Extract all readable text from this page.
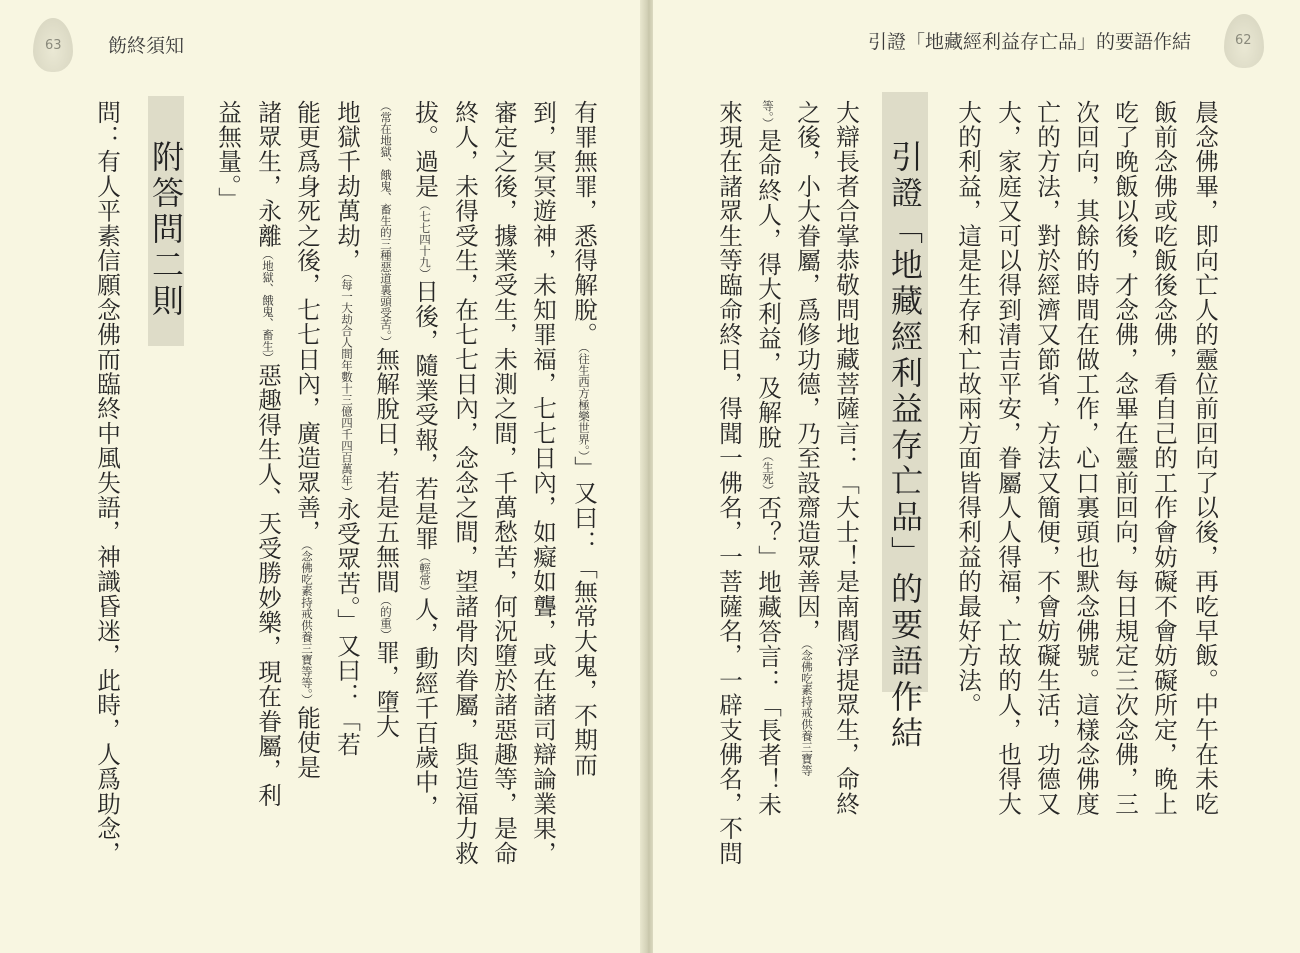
63 飭終須知
有罪無罪，悉得解脫。（往生西方極樂世界。）」又曰：「無常大鬼，不期而
到，冥冥遊神，未知罪福，七七日內，如癡如聾，或在諸司辯論業果，
審定之後，據業受生，未測之間，千萬愁苦，何況墮於諸惡趣等，是命
終人，未得受生，在七七日內，念念之間，望諸骨肉眷屬，與造福力救
拔。過是（七七四十九）日後，隨業受報，若是罪（輕常）人，動經千百歲中，
（常在地獄、餓鬼、畜生的三種惡道裏頭受苦。）無解脫日，若是五無間（的重）罪，墮大
地獄千劫萬劫，（每一大劫合人間年數十三億四千四百萬年）永受眾苦。」又曰：「若
能更爲身死之後，七七日內，廣造眾善，（念佛吃素持戒供養三寶等等。）能使是
諸眾生，永離（地獄、餓鬼、畜生）惡趣得生人、天受勝妙樂，現在眷屬，利
益無量。」
附答問二則
問：有人平素信願念佛而臨終中風失語，神識昏迷，此時，人爲助念，
62
引證「地藏經利益存亡品」的要語作結
晨念佛畢，即向亡人的靈位前回向了以後，再吃早飯。中午在未吃
飯前念佛或吃飯後念佛，看自己的工作會妨礙不會妨礙所定，晚上
吃了晚飯以後，才念佛，念畢在靈前回向，每日規定三次念佛，三
次回向，其餘的時間在做工作，心口裏頭也默念佛號。這樣念佛度
亡的方法，對於經濟又節省，方法又簡便，不會妨礙生活，功德又
大，家庭又可以得到清吉平安，眷屬人人得福，亡故的人，也得大
大的利益，這是生存和亡故兩方面皆得利益的最好方法。
引證「地藏經利益存亡品」的要語作結
大辯長者合掌恭敬問地藏菩薩言：「大士！是南閻浮提眾生，命終
之後，小大眷屬，爲修功德，乃至設齋造眾善因，（念佛吃素持戒供養三寶等
等。）是命終人，得大利益，及解脫（生死）否？」地藏答言：「長者！未
來現在諸眾生等臨命終日，得聞一佛名，一菩薩名，一辟支佛名，不問
